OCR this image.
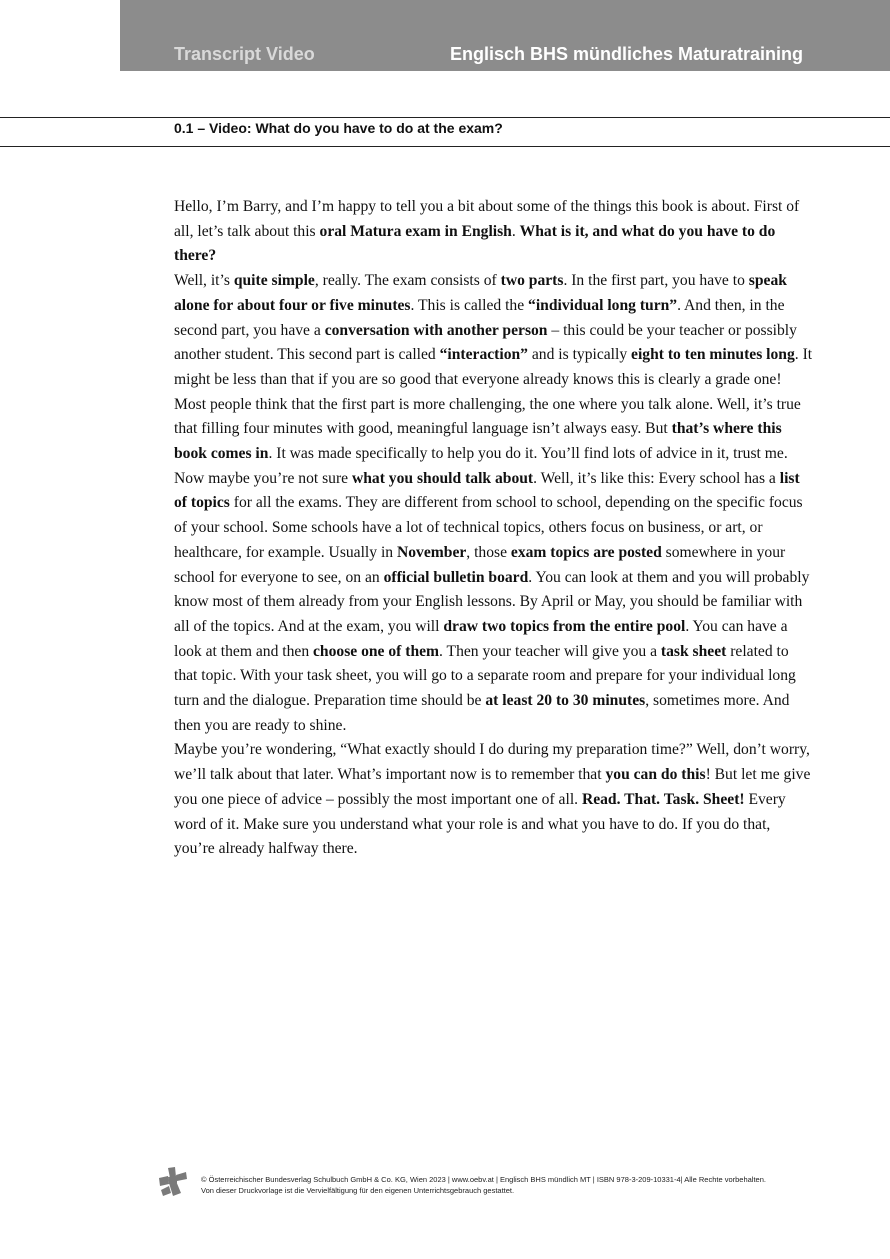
Transcript Video	Englisch BHS mündliches Maturatraining
0.1 – Video: What do you have to do at the exam?

Hello, I’m Barry, and I’m happy to tell you a bit about some of the things this book is about. First of all, let’s talk about this oral Matura exam in English. What is it, and what do you have to do there?

Well, it’s quite simple, really. The exam consists of two parts. In the first part, you have to speak alone for about four or five minutes. This is called the “individual long turn”. And then, in the second part, you have a conversation with another person – this could be your teacher or possibly another student. This second part is called “interaction” and is typically eight to ten minutes long. It might be less than that if you are so good that everyone already knows this is clearly a grade one!

Most people think that the first part is more challenging, the one where you talk alone. Well, it’s true that filling four minutes with good, meaningful language isn’t always easy. But that’s where this book comes in. It was made specifically to help you do it. You’ll find lots of advice in it, trust me.

Now maybe you’re not sure what you should talk about. Well, it’s like this: Every school has a list of topics for all the exams. They are different from school to school, depending on the specific focus of your school. Some schools have a lot of technical topics, others focus on business, or art, or healthcare, for example. Usually in November, those exam topics are posted somewhere in your school for everyone to see, on an official bulletin board. You can look at them and you will probably know most of them already from your English lessons. By April or May, you should be familiar with all of the topics. And at the exam, you will draw two topics from the entire pool. You can have a look at them and then choose one of them. Then your teacher will give you a task sheet related to that topic. With your task sheet, you will go to a separate room and prepare for your individual long turn and the dialogue. Preparation time should be at least 20 to 30 minutes, sometimes more. And then you are ready to shine.

Maybe you’re wondering, “What exactly should I do during my preparation time?” Well, don’t worry, we’ll talk about that later. What’s important now is to remember that you can do this! But let me give you one piece of advice – possibly the most important one of all. Read. That. Task. Sheet! Every word of it. Make sure you understand what your role is and what you have to do. If you do that, you’re already halfway there.

© Österreichischer Bundesverlag Schulbuch GmbH & Co. KG, Wien 2023 | www.oebv.at | Englisch BHS mündlich MT | ISBN 978-3-209-10331-4| Alle Rechte vorbehalten.
Von dieser Druckvorlage ist die Vervielfältigung für den eigenen Unterrichtsgebrauch gestattet.
